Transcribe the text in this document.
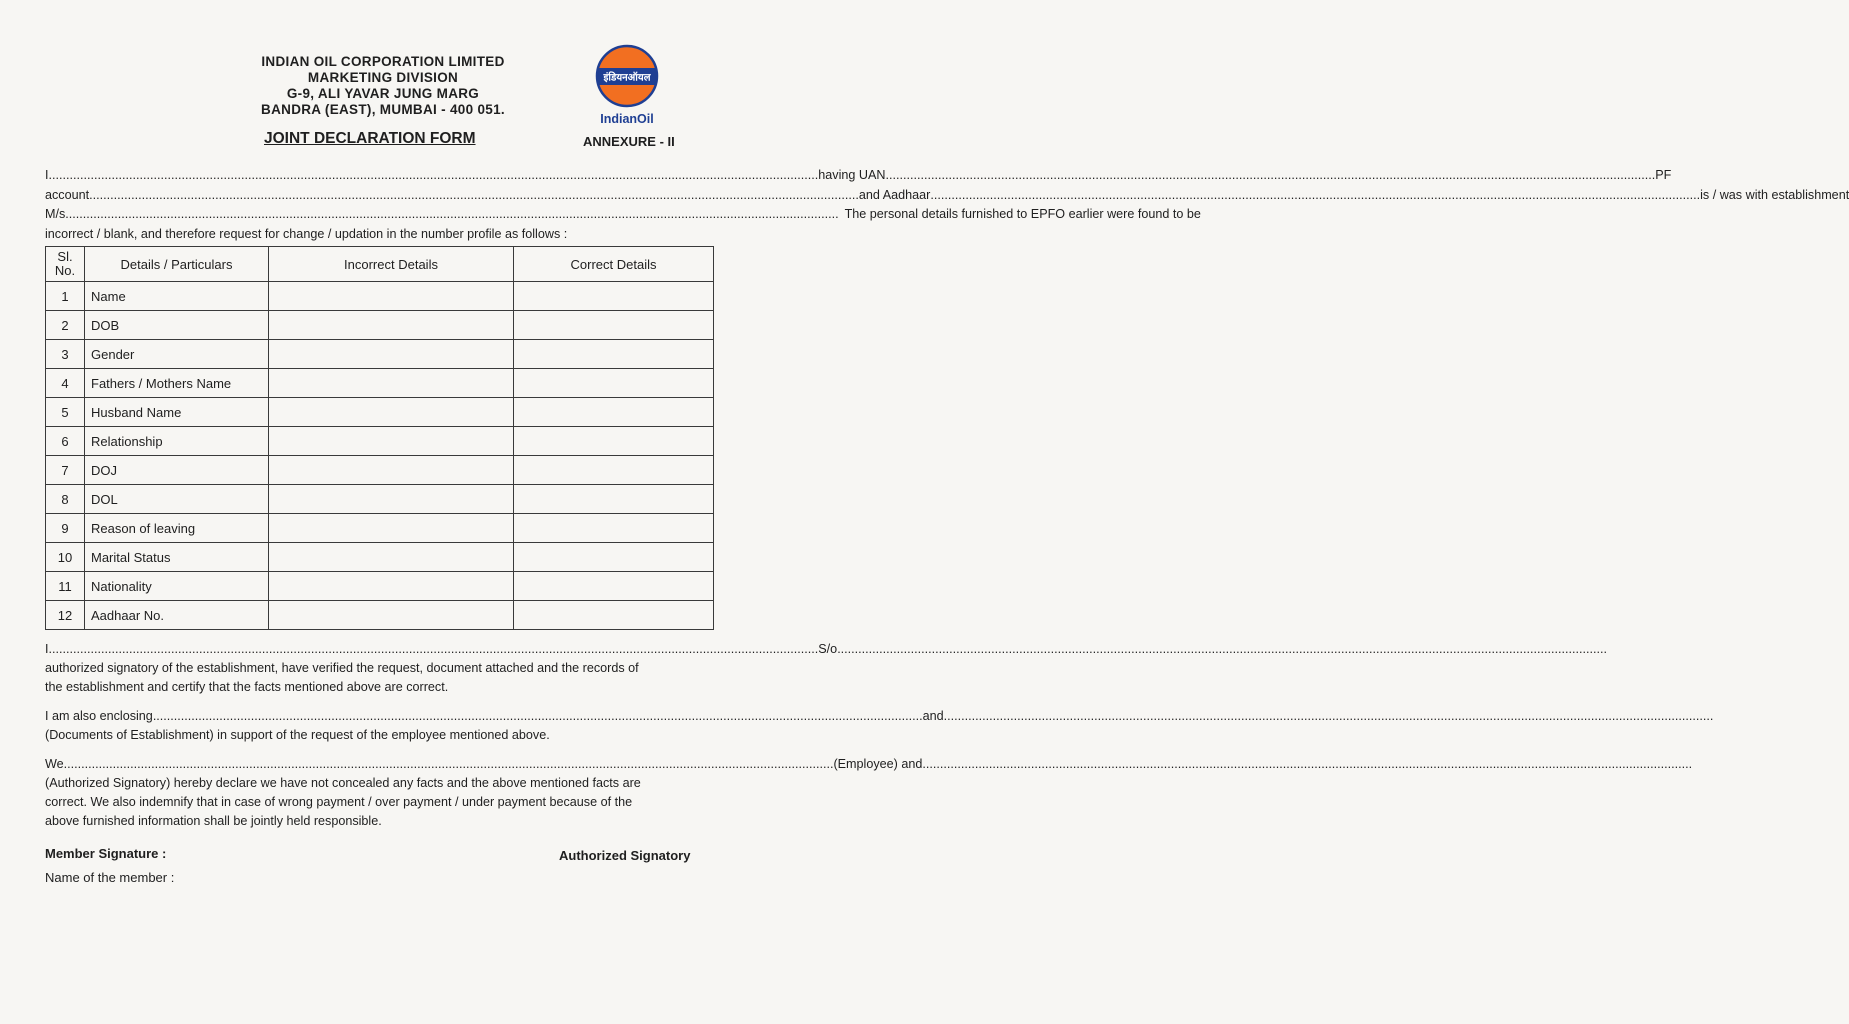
INDIAN OIL CORPORATION LIMITED
MARKETING DIVISION
G-9, ALI YAVAR JUNG MARG
BANDRA (EAST), MUMBAI - 400 051.
इंडियनऑयल
IndianOil
JOINT DECLARATION FORM	ANNEXURE - II
I ............................................................................................................................................................................................................................ having UAN ............................................................................................................................................................................................................................ PF
account ............................................................................................................................................................................................................................ and Aadhaar ............................................................................................................................................................................................................................ is / was with establishment
M/s. ............................................................................................................................................................................................................................ The personal details furnished to EPFO earlier were found to be
incorrect / blank, and therefore request for change / updation in the number profile as follows :
Sl. No.	Details / Particulars	Incorrect Details	Correct Details
1	Name		
2	DOB		
3	Gender		
4	Fathers / Mothers Name		
5	Husband Name		
6	Relationship		
7	DOJ		
8	DOL		
9	Reason of leaving		
10	Marital Status		
11	Nationality		
12	Aadhaar No.		
I ............................................................................................................................................................................................................................ S/o ............................................................................................................................................................................................................................

authorized signatory of the establishment, have verified the request, document attached and the records of

the establishment and certify that the facts mentioned above are correct.

I am also enclosing ............................................................................................................................................................................................................................ and ............................................................................................................................................................................................................................

(Documents of Establishment) in support of the request of the employee mentioned above.

We ............................................................................................................................................................................................................................ (Employee) and ............................................................................................................................................................................................................................

(Authorized Signatory) hereby declare we have not concealed any facts and the above mentioned facts are

correct. We also indemnify that in case of wrong payment / over payment / under payment because of the

above furnished information shall be jointly held responsible.

Member Signature :	Authorized Signatory
Name of the member :
